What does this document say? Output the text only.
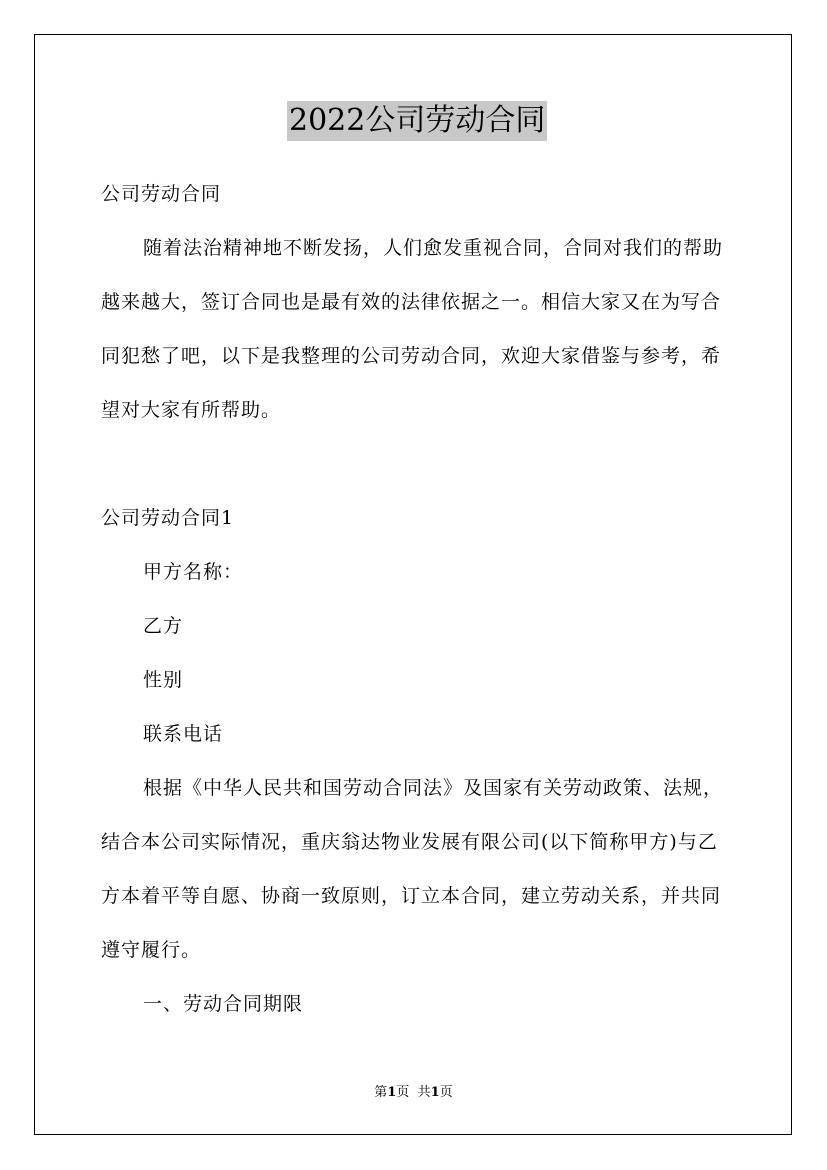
2022公司劳动合同

公司劳动合同

随着法治精神地不断发扬，人们愈发重视合同，合同对我们的帮助越来越大，签订合同也是最有效的法律依据之一。相信大家又在为写合同犯愁了吧，以下是我整理的公司劳动合同，欢迎大家借鉴与参考，希望对大家有所帮助。

公司劳动合同1

甲方名称：

乙方

性别

联系电话

根据《中华人民共和国劳动合同法》及国家有关劳动政策、法规，结合本公司实际情况，重庆翁达物业发展有限公司(以下简称甲方)与乙方本着平等自愿、协商一致原则，订立本合同，建立劳动关系，并共同遵守履行。

一、劳动合同期限

第1页 共1页
